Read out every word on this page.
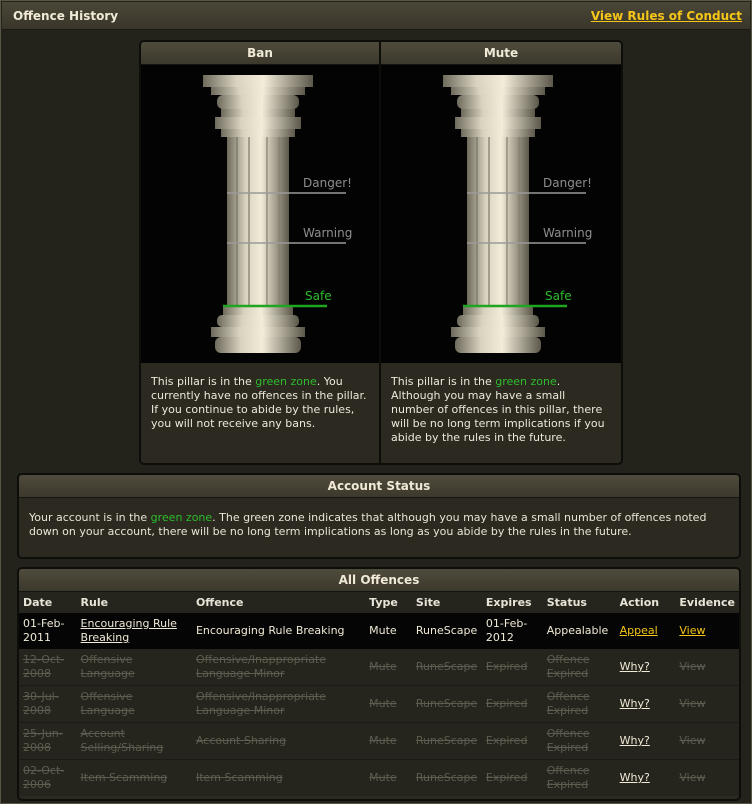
Offence History	View Rules of Conduct
Ban
Danger!
Warning
Safe
This pillar is in the green zone. You currently have no offences in the pillar. If you continue to abide by the rules, you will not receive any bans.
Mute
Danger!
Warning
Safe
This pillar is in the green zone. Although you may have a small number of offences in this pillar, there will be no long term implications if you abide by the rules in the future.
Account Status
Your account is in the green zone. The green zone indicates that although you may have a small number of offences noted down on your account, there will be no long term implications as long as you abide by the rules in the future.
All Offences
Date	Rule	Offence	Type	Site	Expires	Status	Action	Evidence
01-Feb-2011	Encouraging Rule Breaking	Encouraging Rule Breaking	Mute	RuneScape	01-Feb-2012	Appealable	Appeal	View
12-Oct-2008	Offensive Language	Offensive/Inappropriate Language Minor	Mute	RuneScape	Expired	Offence Expired	Why?	View
30-Jul-2008	Offensive Language	Offensive/Inappropriate Language Minor	Mute	RuneScape	Expired	Offence Expired	Why?	View
25-Jun-2008	Account Selling/Sharing	Account Sharing	Mute	RuneScape	Expired	Offence Expired	Why?	View
02-Oct-2006	Item Scamming	Item Scamming	Mute	RuneScape	Expired	Offence Expired	Why?	View
